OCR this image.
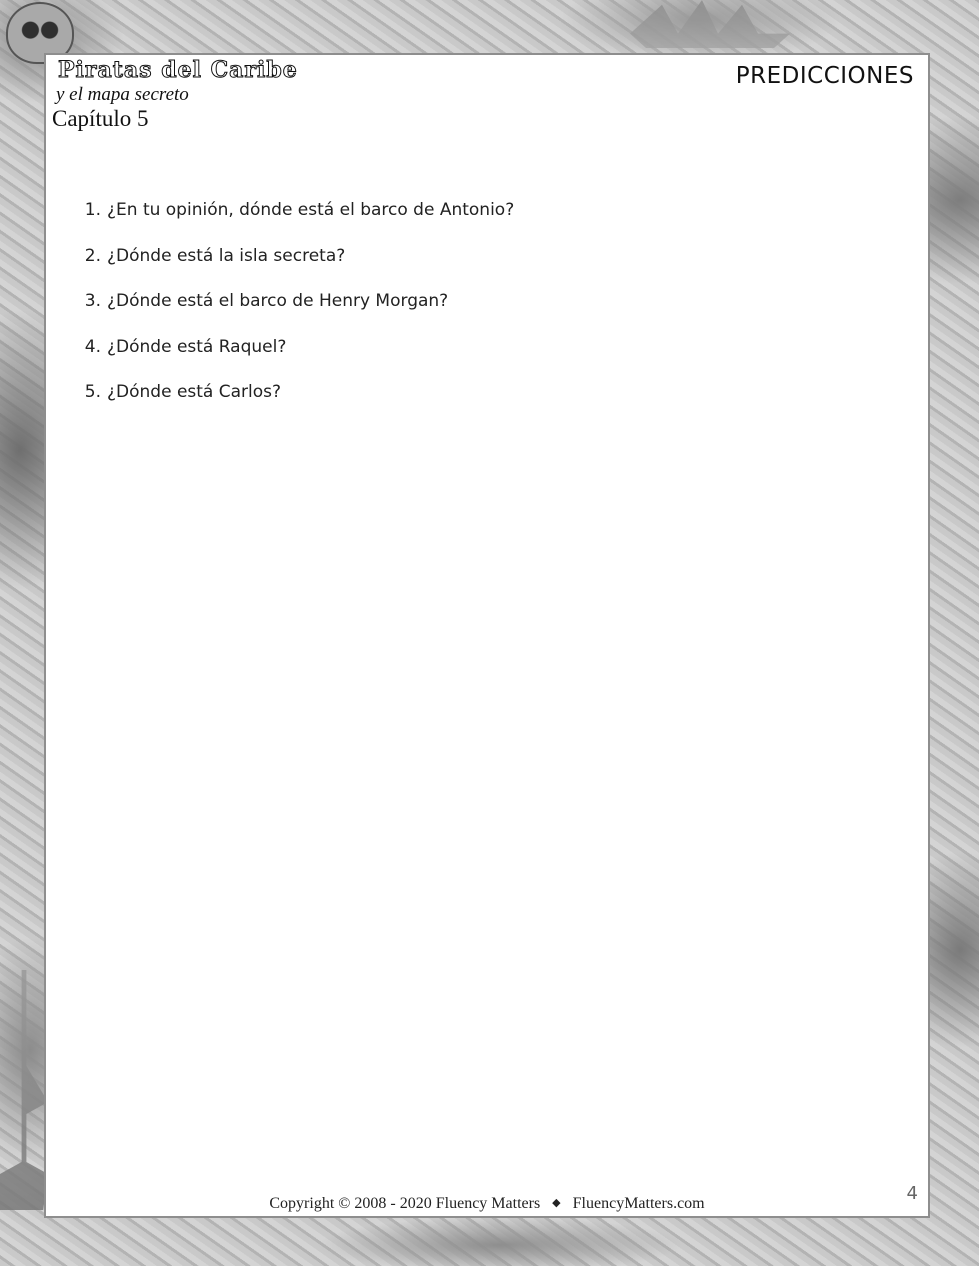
Piratas del Caribe

y el mapa secreto

Capítulo 5

PREDICCIONES
1. ¿En tu opinión, dónde está el barco de Antonio?
2. ¿Dónde está la isla secreta?
3. ¿Dónde está el barco de Henry Morgan?
4. ¿Dónde está Raquel?
5. ¿Dónde está Carlos?
Copyright © 2008 - 2020 Fluency Matters ◆ FluencyMatters.com	4
